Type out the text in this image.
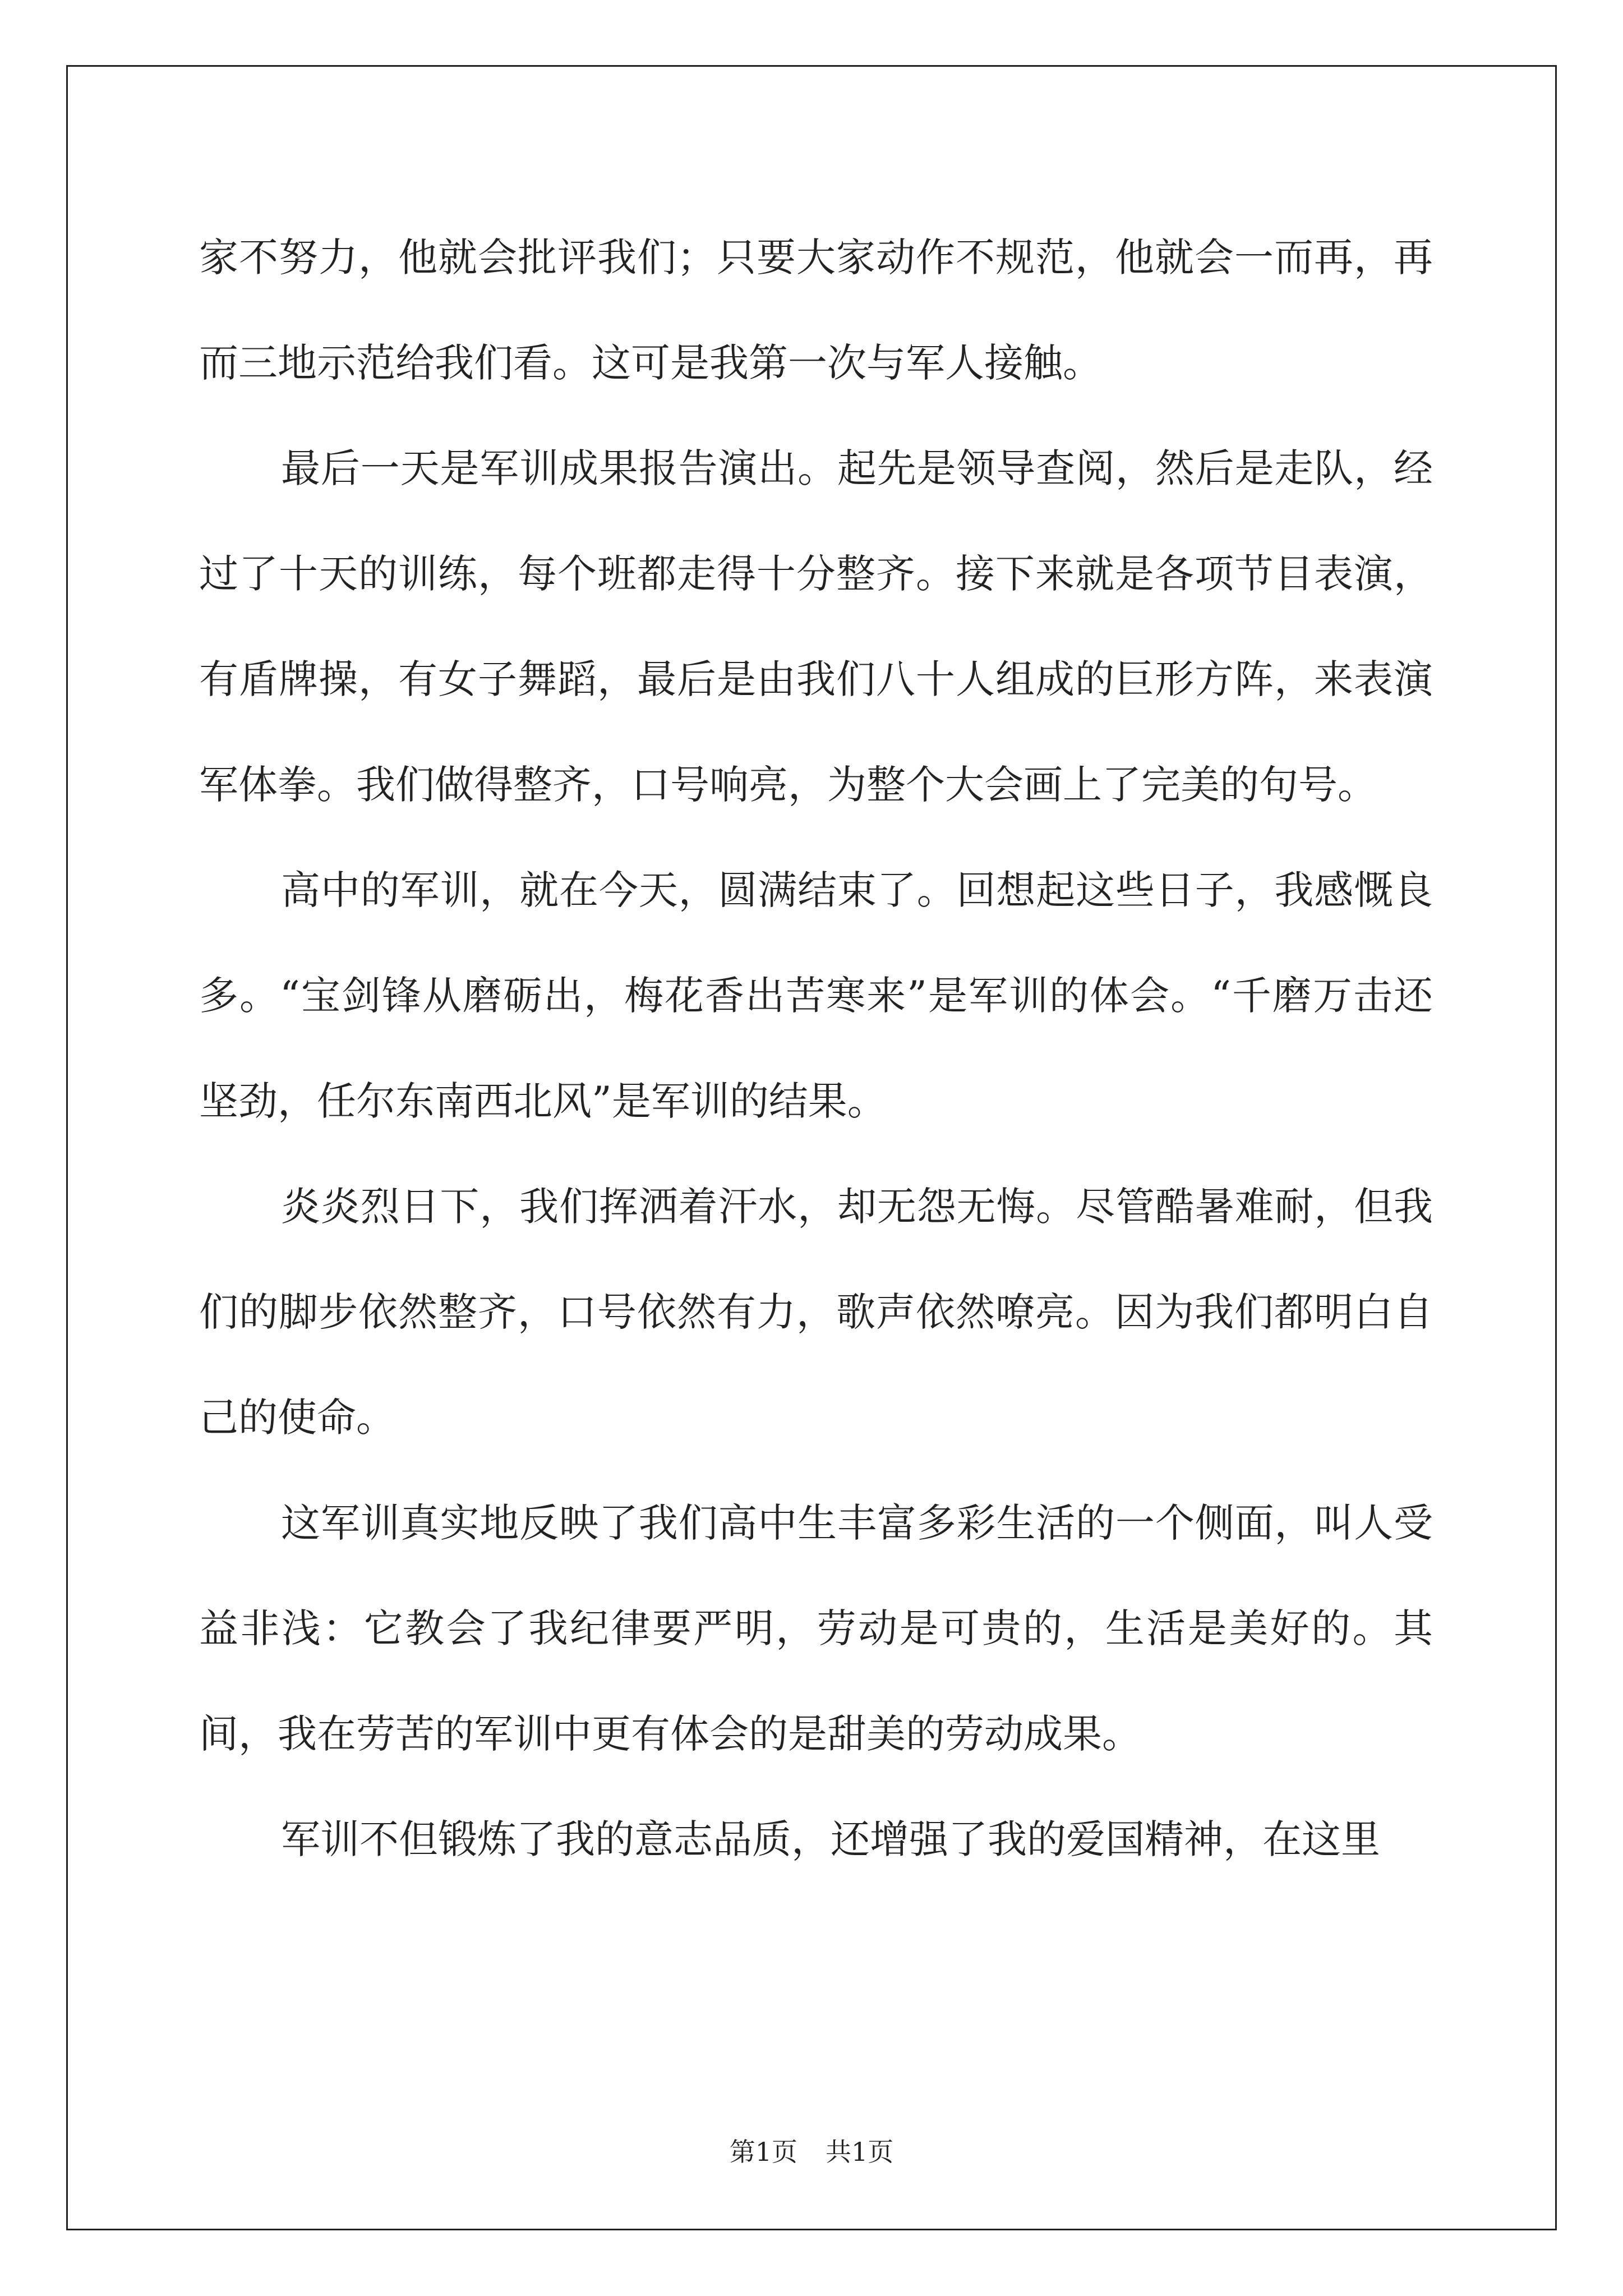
家不努力，他就会批评我们；只要大家动作不规范，他就会一而再，再而三地示范给我们看。这可是我第一次与军人接触。

最后一天是军训成果报告演出。起先是领导查阅，然后是走队，经过了十天的训练，每个班都走得十分整齐。接下来就是各项节目表演，有盾牌操，有女子舞蹈，最后是由我们八十人组成的巨形方阵，来表演军体拳。我们做得整齐，口号响亮，为整个大会画上了完美的句号。

高中的军训，就在今天，圆满结束了。回想起这些日子，我感慨良多。“宝剑锋从磨砺出，梅花香出苦寒来”是军训的体会。“千磨万击还坚劲，任尔东南西北风”是军训的结果。

炎炎烈日下，我们挥洒着汗水，却无怨无悔。尽管酷暑难耐，但我们的脚步依然整齐，口号依然有力，歌声依然嘹亮。因为我们都明白自己的使命。

这军训真实地反映了我们高中生丰富多彩生活的一个侧面，叫人受益非浅：它教会了我纪律要严明，劳动是可贵的，生活是美好的。其间，我在劳苦的军训中更有体会的是甜美的劳动成果。

军训不但锻炼了我的意志品质，还增强了我的爱国精神，在这里

第1页 共1页
